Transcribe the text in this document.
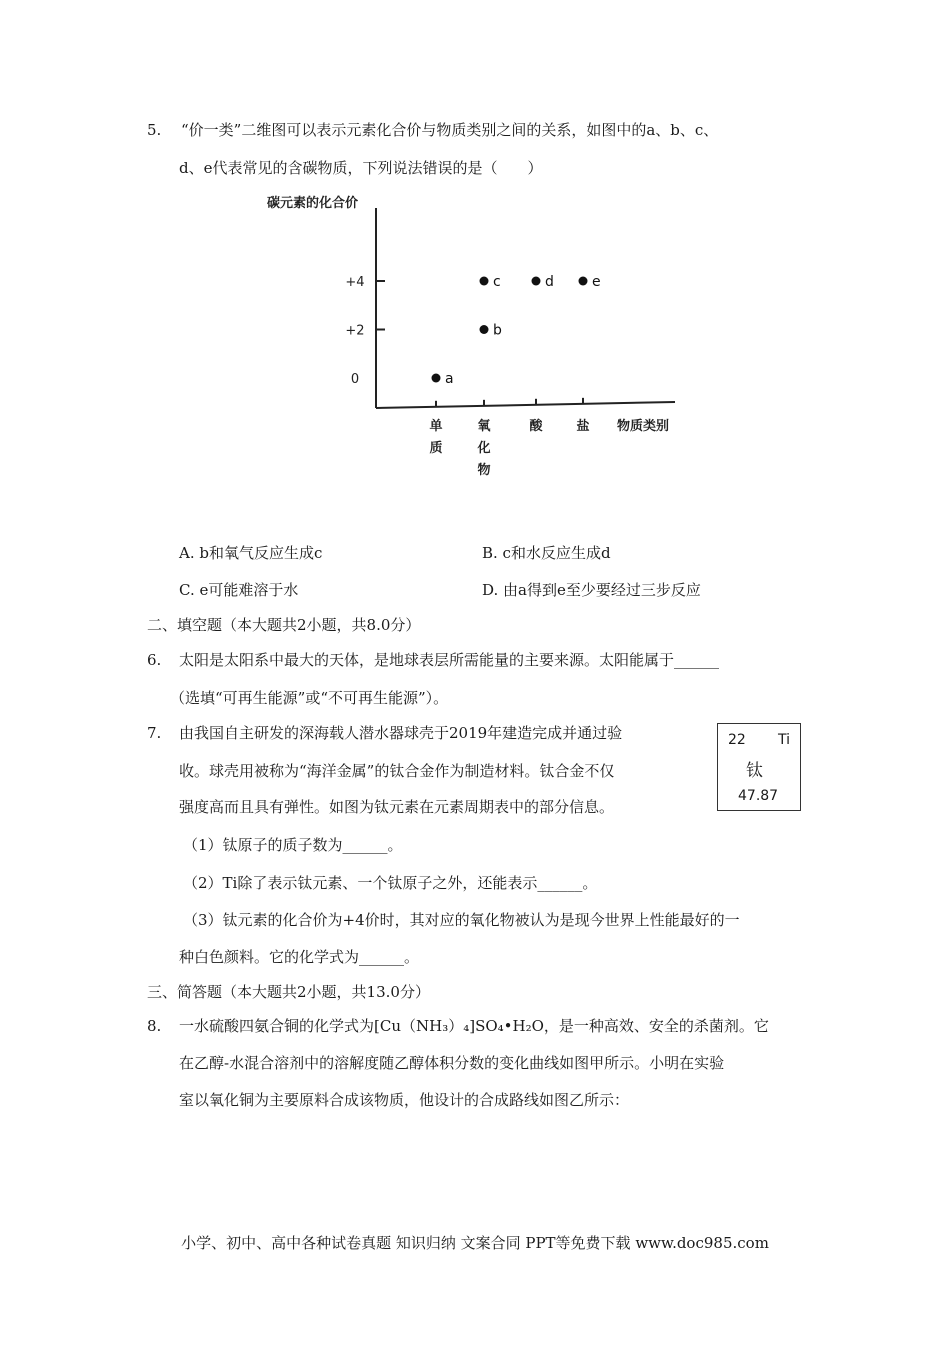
5. “价一类”二维图可以表示元素化合价与物质类别之间的关系，如图中的a、b、c、
d、e代表常见的含碳物质，下列说法错误的是（　　）
碳元素的化合价
物质类别
+4
+2
0
单质
氧化物
酸	盐
a
b
c	d	e
A. b和氧气反应生成c	B. c和水反应生成d
C. e可能难溶于水	D. 由a得到e至少要经过三步反应
二、填空题（本大题共2小题，共8.0分）
6. 太阳是太阳系中最大的天体，是地球表层所需能量的主要来源。太阳能属于______
（选填“可再生能源”或“不可再生能源”）。
7. 由我国自主研发的深海载人潜水器球壳于2019年建造完成并通过验
收。球壳用被称为“海洋金属”的钛合金作为制造材料。钛合金不仅
强度高而且具有弹性。如图为钛元素在元素周期表中的部分信息。
22 Ti
钛
47.87
（1）钛原子的质子数为______。
（2）Ti除了表示钛元素、一个钛原子之外，还能表示______。
（3）钛元素的化合价为+4价时，其对应的氧化物被认为是现今世界上性能最好的一
种白色颜料。它的化学式为______。
三、简答题（本大题共2小题，共13.0分）
8. 一水硫酸四氨合铜的化学式为[Cu（NH₃）₄]SO₄•H₂O，是一种高效、安全的杀菌剂。它
在乙醇-水混合溶剂中的溶解度随乙醇体积分数的变化曲线如图甲所示。小明在实验
室以氧化铜为主要原料合成该物质，他设计的合成路线如图乙所示：
小学、初中、高中各种试卷真题 知识归纳 文案合同 PPT等免费下载 www.doc985.com
